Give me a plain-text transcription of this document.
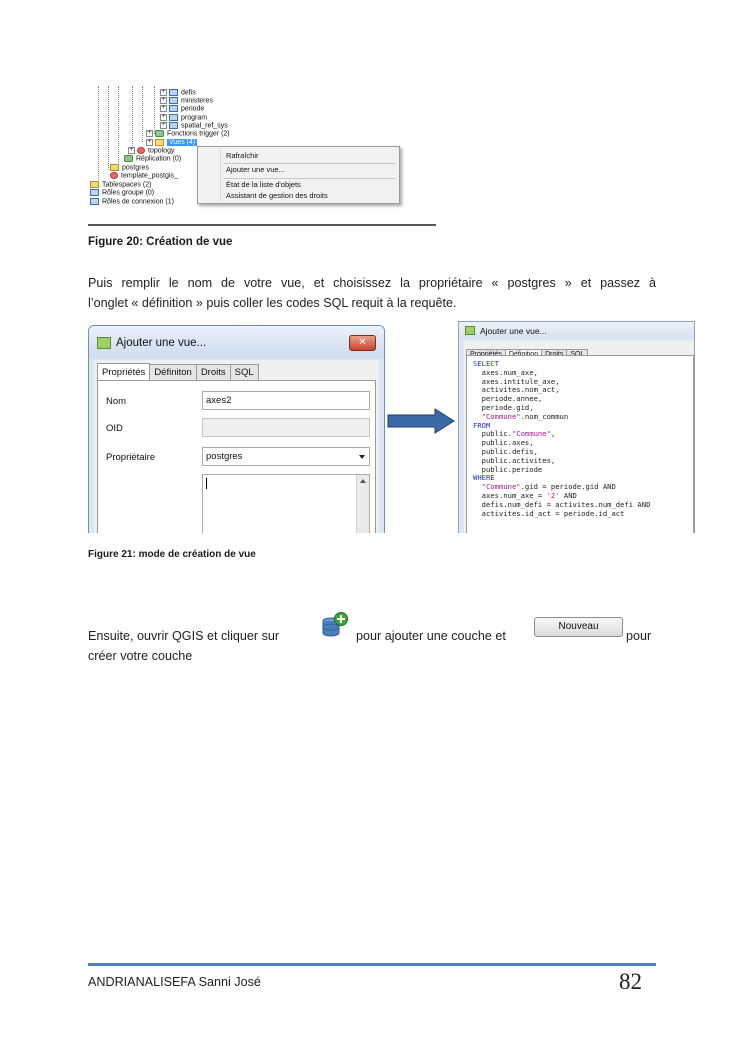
+ defis
+ ministeres
+ periode
+ program
+ spatial_ref_sys
+ Fonctions trigger (2)
+	Vues (4)
+ topology
Réplication (0)
postgres
template_postgis_
Tablespaces (2)
Rôles groupe (0)
Rôles de connexion (1)
Rafraîchir
Ajouter une vue...
État de la liste d'objets
Assistant de gestion des droits
Figure 20: Création de vue
Puis remplir le nom de votre vue, et choisissez la propriétaire « postgres » et passez à
l’onglet « définition » puis coller les codes SQL requit à la requête.
Ajouter une vue...	✕
Propriétés Définiton Droits SQL
Nom	axes2
OID
Propriétaire	postgres
Ajouter une vue...
SELECT
axes.num_axe,
axes.intitule_axe,
activites.nom_act,
periode.annee,
periode.gid,
"Commune".nom_commun
FROM
public."Commune",
public.axes,
public.defis,
public.activites,
public.periode
WHERE
"Commune".gid = periode.gid AND
axes.num_axe = '2' AND
defis.num_defi = activites.num_defi AND
activites.id_act = periode.id_act
Figure 21: mode de création de vue
Ensuite, ouvrir QGIS et cliquer sur	pour ajouter une couche et
Nouveau
pour
créer votre couche
ANDRIANALISEFA Sanni José	82
